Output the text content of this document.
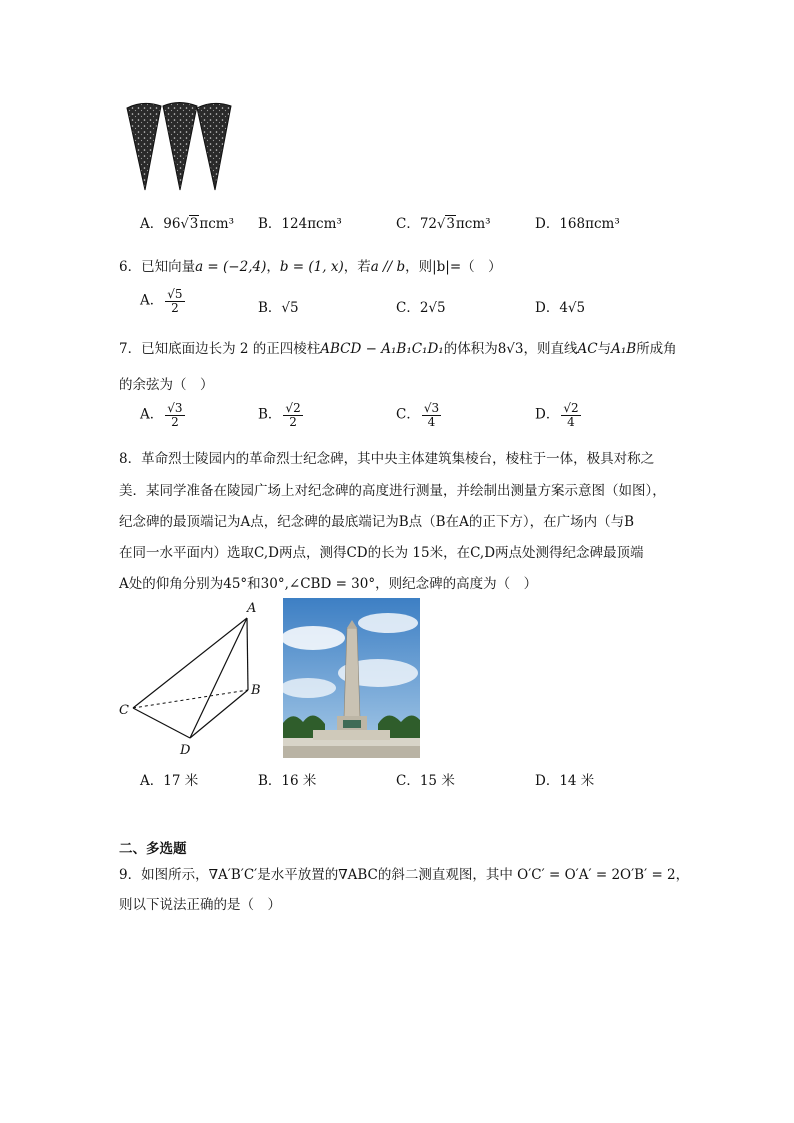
A．96√3πcm³ B．124πcm³	C．72√3πcm³	D．168πcm³
6．已知向量a = (−2,4)，b = (1, x)，若a // b，则|b|=（　）
A． $\frac{√5}{2}$	B．√5	C．2√5	D．4√5
7．已知底面边长为 2 的正四棱柱ABCD − A₁B₁C₁D₁的体积为8√3，则直线AC与A₁B所成角
的余弦为（　）
A． $\frac{√3}{2}$	B． $\frac{√2}{2}$	C． $\frac{√3}{4}$	D． $\frac{√2}{4}$
8．革命烈士陵园内的革命烈士纪念碑，其中央主体建筑集棱台，棱柱于一体，极具对称之
美．某同学准备在陵园广场上对纪念碑的高度进行测量，并绘制出测量方案示意图（如图），
纪念碑的最顶端记为A点，纪念碑的最底端记为B点（B在A的正下方），在广场内（与B
在同一水平面内）选取C,D两点，测得CD的长为 15米，在C,D两点处测得纪念碑最顶端
A处的仰角分别为45°和30°,∠CBD = 30°，则纪念碑的高度为（　）
A
B
C
D
A．17 米	B．16 米	C．15 米	D．14 米
二、多选题
9．如图所示，∇A′B′C′是水平放置的∇ABC的斜二测直观图，其中 O′C′ = O′A′ = 2O′B′ = 2，
则以下说法正确的是（　）
